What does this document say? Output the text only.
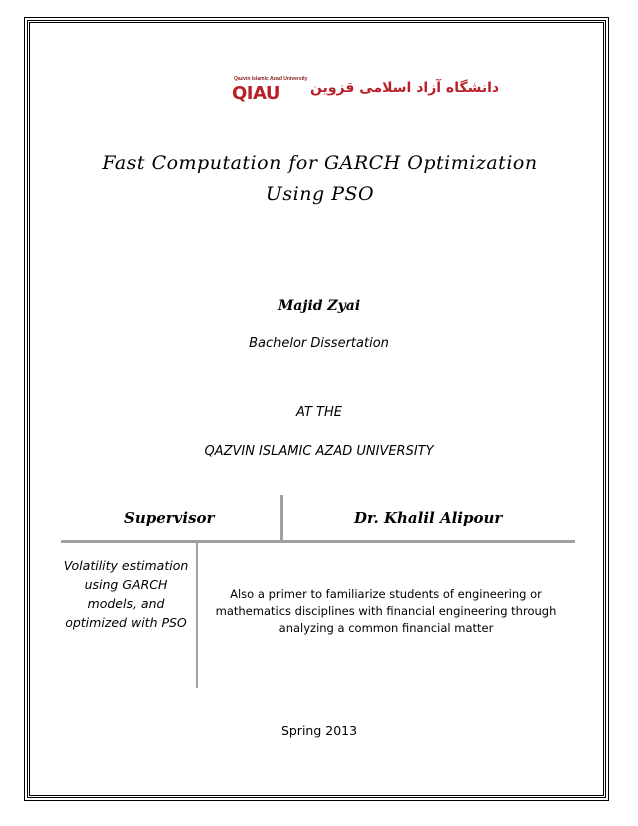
Qazvin Islamic Azad University
QIAU دانشگاه آزاد اسلامی قزوین
Fast Computation for GARCH Optimization
Using PSO
Majid Zyai
Bachelor Dissertation
AT THE
QAZVIN ISLAMIC AZAD UNIVERSITY
Supervisor	Dr. Khalil Alipour
Volatility estimation using GARCH models, and optimized with PSO
Also a primer to familiarize students of engineering or mathematics disciplines with financial engineering through analyzing a common financial matter
Spring 2013
